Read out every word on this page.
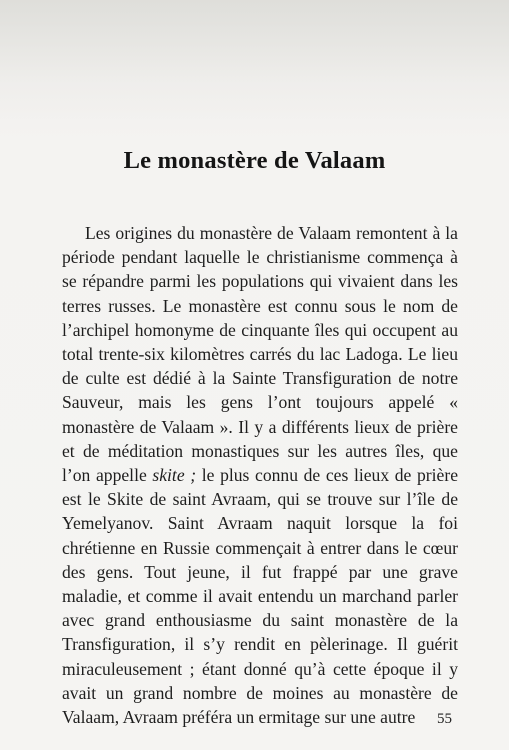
Le monastère de Valaam

Les origines du monastère de Valaam remontent à la période pendant laquelle le christianisme commença à se répandre parmi les populations qui vivaient dans les terres russes. Le monastère est connu sous le nom de l’archipel homonyme de cinquante îles qui occupent au total trente-six kilomètres carrés du lac Ladoga. Le lieu de culte est dédié à la Sainte Transfiguration de notre Sauveur, mais les gens l’ont toujours appelé « monastère de Valaam ». Il y a différents lieux de prière et de méditation monastiques sur les autres îles, que l’on appelle skite ; le plus connu de ces lieux de prière est le Skite de saint Avraam, qui se trouve sur l’île de Yemelyanov. Saint Avraam naquit lorsque la foi chrétienne en Russie commençait à entrer dans le cœur des gens. Tout jeune, il fut frappé par une grave maladie, et comme il avait entendu un marchand parler avec grand enthousiasme du saint monastère de la Transfiguration, il s’y rendit en pèlerinage. Il guérit miraculeusement ; étant donné qu’à cette époque il y avait un grand nombre de moines au monastère de Valaam, Avraam préféra un ermitage sur une autre	55
